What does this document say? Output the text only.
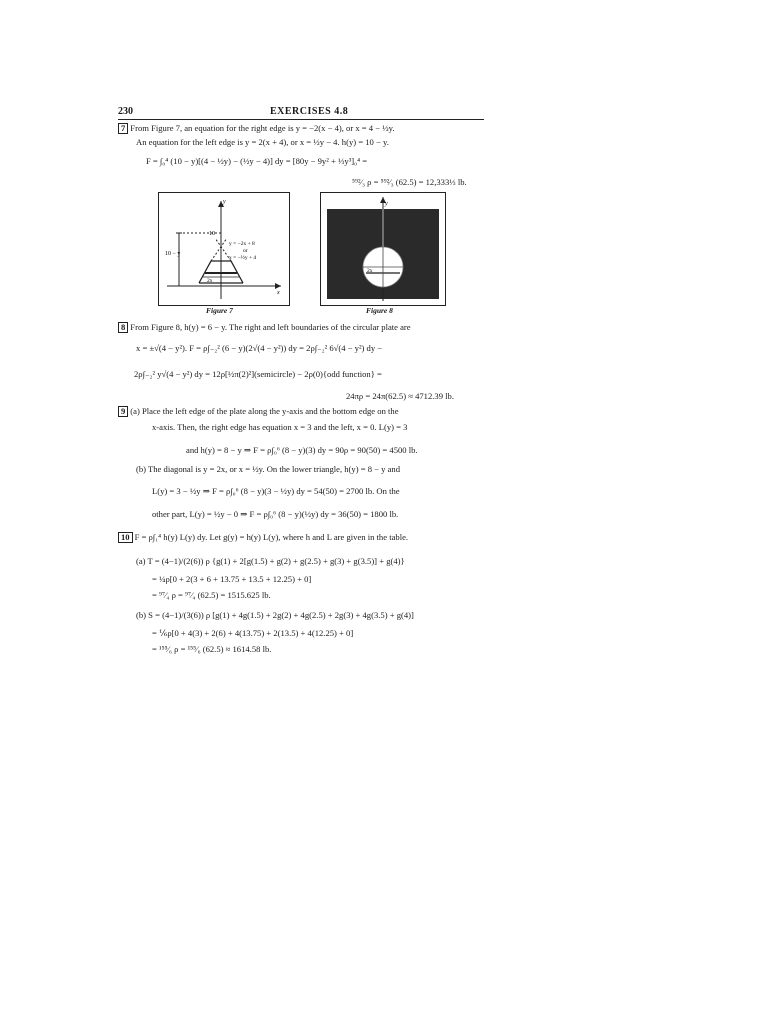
230	EXERCISES 4.8
7 From Figure 7, an equation for the right edge is y = −2(x − 4), or x = 4 − ½y.
An equation for the left edge is y = 2(x + 4), or x = ½y − 4. h(y) = 10 − y.
F = ∫₀⁴ (10 − y)[(4 − ½y) − (½y − 4)] dy = [80y − 9y² + ⅓y³]₀⁴ =
⁵⁹²⁄₃ ρ = ⁵⁹²⁄₃ (62.5) = 12,333⅓ lb.
y
x
10
10 − y
y = −2x + 8
or
x = −½y + 4
2x
Figure 7
y
2x
Figure 8
8 From Figure 8, h(y) = 6 − y. The right and left boundaries of the circular plate are
x = ±√(4 − y²). F = ρ∫₋₂² (6 − y)(2√(4 − y²)) dy = 2ρ∫₋₂² 6√(4 − y²) dy −
2ρ∫₋₂² y√(4 − y²) dy = 12ρ[½π(2)²](semicircle) − 2ρ(0){odd function} =
24πρ = 24π(62.5) ≈ 4712.39 lb.
9 (a) Place the left edge of the plate along the y-axis and the bottom edge on the
x-axis. Then, the right edge has equation x = 3 and the left, x = 0. L(y) = 3
and h(y) = 8 − y ⇒ F = ρ∫₀⁶ (8 − y)(3) dy = 90ρ = 90(50) = 4500 lb.
(b) The diagonal is y = 2x, or x = ½y. On the lower triangle, h(y) = 8 − y and
L(y) = 3 − ½y ⇒ F = ρ∫₀⁶ (8 − y)(3 − ½y) dy = 54(50) = 2700 lb. On the
other part, L(y) = ½y − 0 ⇒ F = ρ∫₀⁶ (8 − y)(½y) dy = 36(50) = 1800 lb.
10 F = ρ∫₁⁴ h(y) L(y) dy. Let g(y) = h(y) L(y), where h and L are given in the table.
(a) T = (4−1)/(2(6)) ρ {g(1) + 2[g(1.5) + g(2) + g(2.5) + g(3) + g(3.5)] + g(4)}
= ¼ρ[0 + 2(3 + 6 + 13.75 + 13.5 + 12.25) + 0]
= ⁹⁷⁄₄ ρ = ⁹⁷⁄₄ (62.5) = 1515.625 lb.
(b) S = (4−1)/(3(6)) ρ [g(1) + 4g(1.5) + 2g(2) + 4g(2.5) + 2g(3) + 4g(3.5) + g(4)]
= ⅙ρ[0 + 4(3) + 2(6) + 4(13.75) + 2(13.5) + 4(12.25) + 0]
= ¹⁵⁵⁄₆ ρ = ¹⁵⁵⁄₆ (62.5) ≈ 1614.58 lb.
